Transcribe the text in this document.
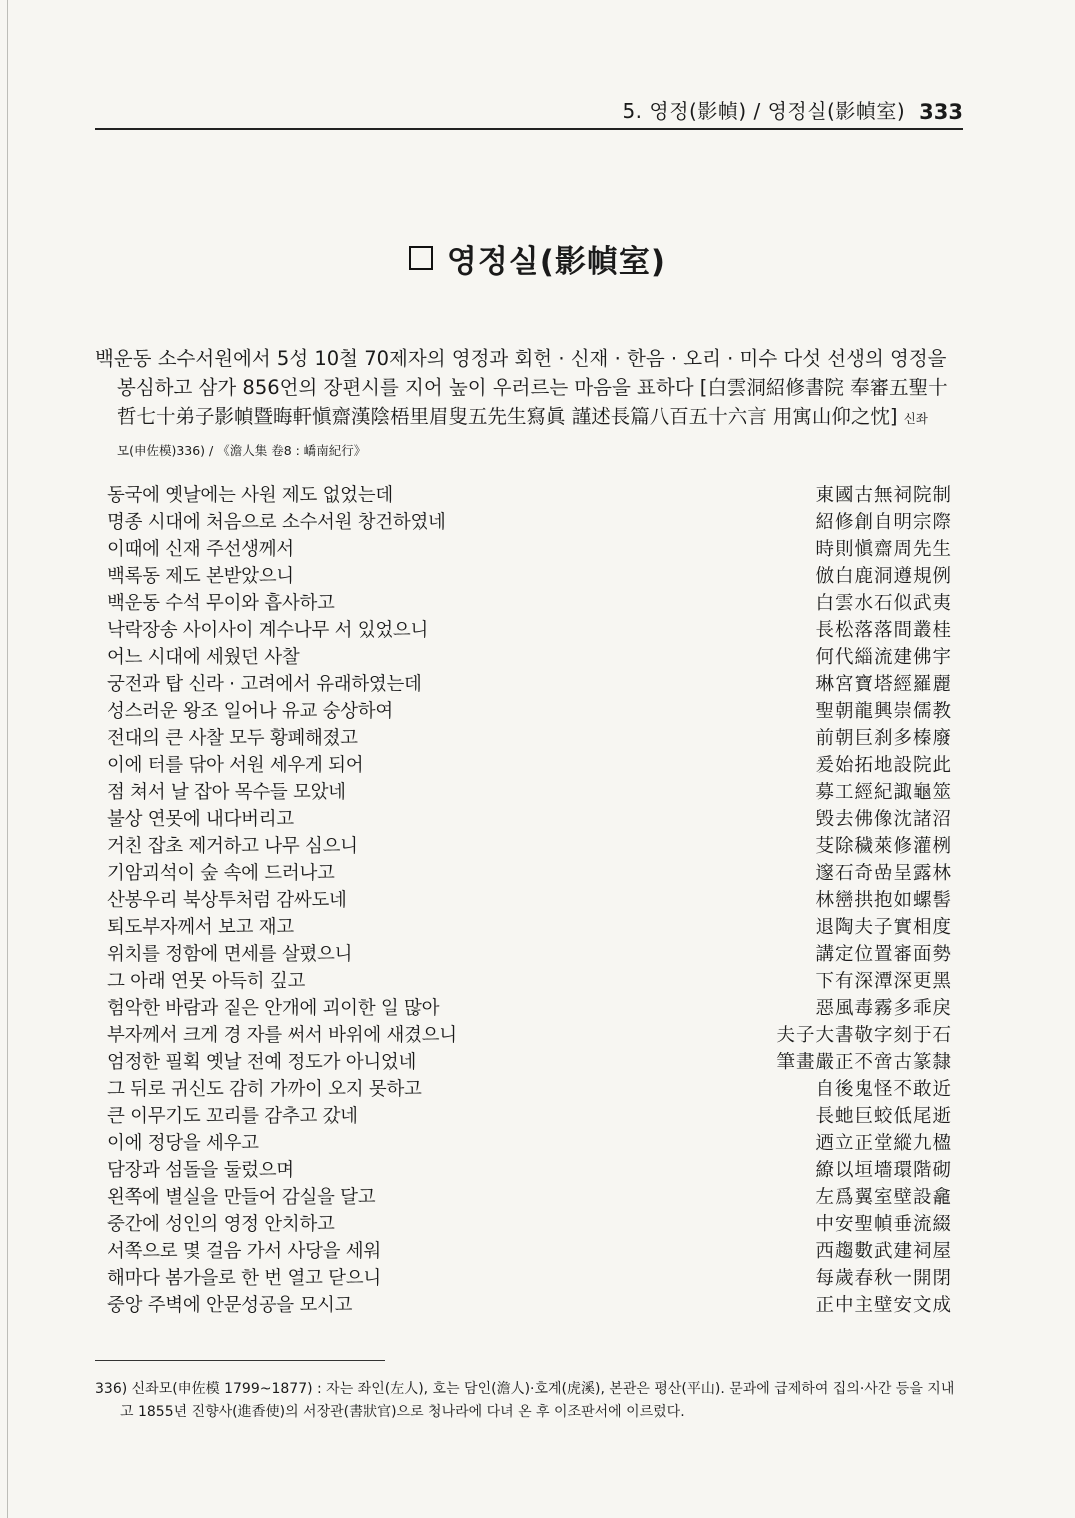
5. 영정(影幀) / 영정실(影幀室) 333
영정실(影幀室)
백운동 소수서원에서 5성 10철 70제자의 영정과 회헌 · 신재 · 한음 · 오리 · 미수 다섯 선생의 영정을 봉심하고 삼가 856언의 장편시를 지어 높이 우러르는 마음을 표하다 [白雲洞紹修書院 奉審五聖十哲七十弟子影幀暨晦軒愼齋漢陰梧里眉叟五先生寫眞 謹述長篇八百五十六言 用寓山仰之忱] 신좌
모(申佐模)336) / 《澹人集 卷8 : 嶠南紀行》
동국에 옛날에는 사원 제도 없었는데	東國古無祠院制
명종 시대에 처음으로 소수서원 창건하였네	紹修創自明宗際
이때에 신재 주선생께서	時則愼齋周先生
백록동 제도 본받았으니	倣白鹿洞遵規例
백운동 수석 무이와 흡사하고	白雲水石似武夷
낙락장송 사이사이 계수나무 서 있었으니	長松落落間叢桂
어느 시대에 세웠던 사찰	何代緇流建佛宇
궁전과 탑 신라 · 고려에서 유래하였는데	琳宮寶塔經羅麗
성스러운 왕조 일어나 유교 숭상하여	聖朝龍興崇儒教
전대의 큰 사찰 모두 황폐해졌고	前朝巨刹多榛廢
이에 터를 닦아 서원 세우게 되어	爰始拓地設院此
점 쳐서 날 잡아 목수들 모았네	募工經紀諏龜筮
불상 연못에 내다버리고	毁去佛像沈諸沼
거친 잡초 제거하고 나무 심으니	芟除穢萊修灌栵
기암괴석이 숲 속에 드러나고	邃石奇嵒呈露林
산봉우리 북상투처럼 감싸도네	林巒拱抱如螺髻
퇴도부자께서 보고 재고	退陶夫子實相度
위치를 정함에 면세를 살폈으니	講定位置審面勢
그 아래 연못 아득히 깊고	下有深潭深更黑
험악한 바람과 짙은 안개에 괴이한 일 많아	惡風毒霧多乖戾
부자께서 크게 경 자를 써서 바위에 새겼으니	夫子大書敬字刻于石
엄정한 필획 옛날 전예 정도가 아니었네	筆畫嚴正不啻古篆隸
그 뒤로 귀신도 감히 가까이 오지 못하고	自後鬼怪不敢近
큰 이무기도 꼬리를 감추고 갔네	長虵巨蛟低尾逝
이에 정당을 세우고	迺立正堂縱九楹
담장과 섬돌을 둘렀으며	繚以垣墻環階砌
왼쪽에 별실을 만들어 감실을 달고	左爲翼室壁設龕
중간에 성인의 영정 안치하고	中安聖幀垂流綴
서쪽으로 몇 걸음 가서 사당을 세워	西趨數武建祠屋
해마다 봄가을로 한 번 열고 닫으니	每歲春秋一開閉
중앙 주벽에 안문성공을 모시고	正中主壁安文成
336) 신좌모(申佐模 1799~1877) : 자는 좌인(左人), 호는 담인(澹人)·호계(虎溪), 본관은 평산(平山). 문과에 급제하여 집의·사간 등을 지내고 1855년 진향사(進香使)의 서장관(書狀官)으로 청나라에 다녀 온 후 이조판서에 이르렀다.
